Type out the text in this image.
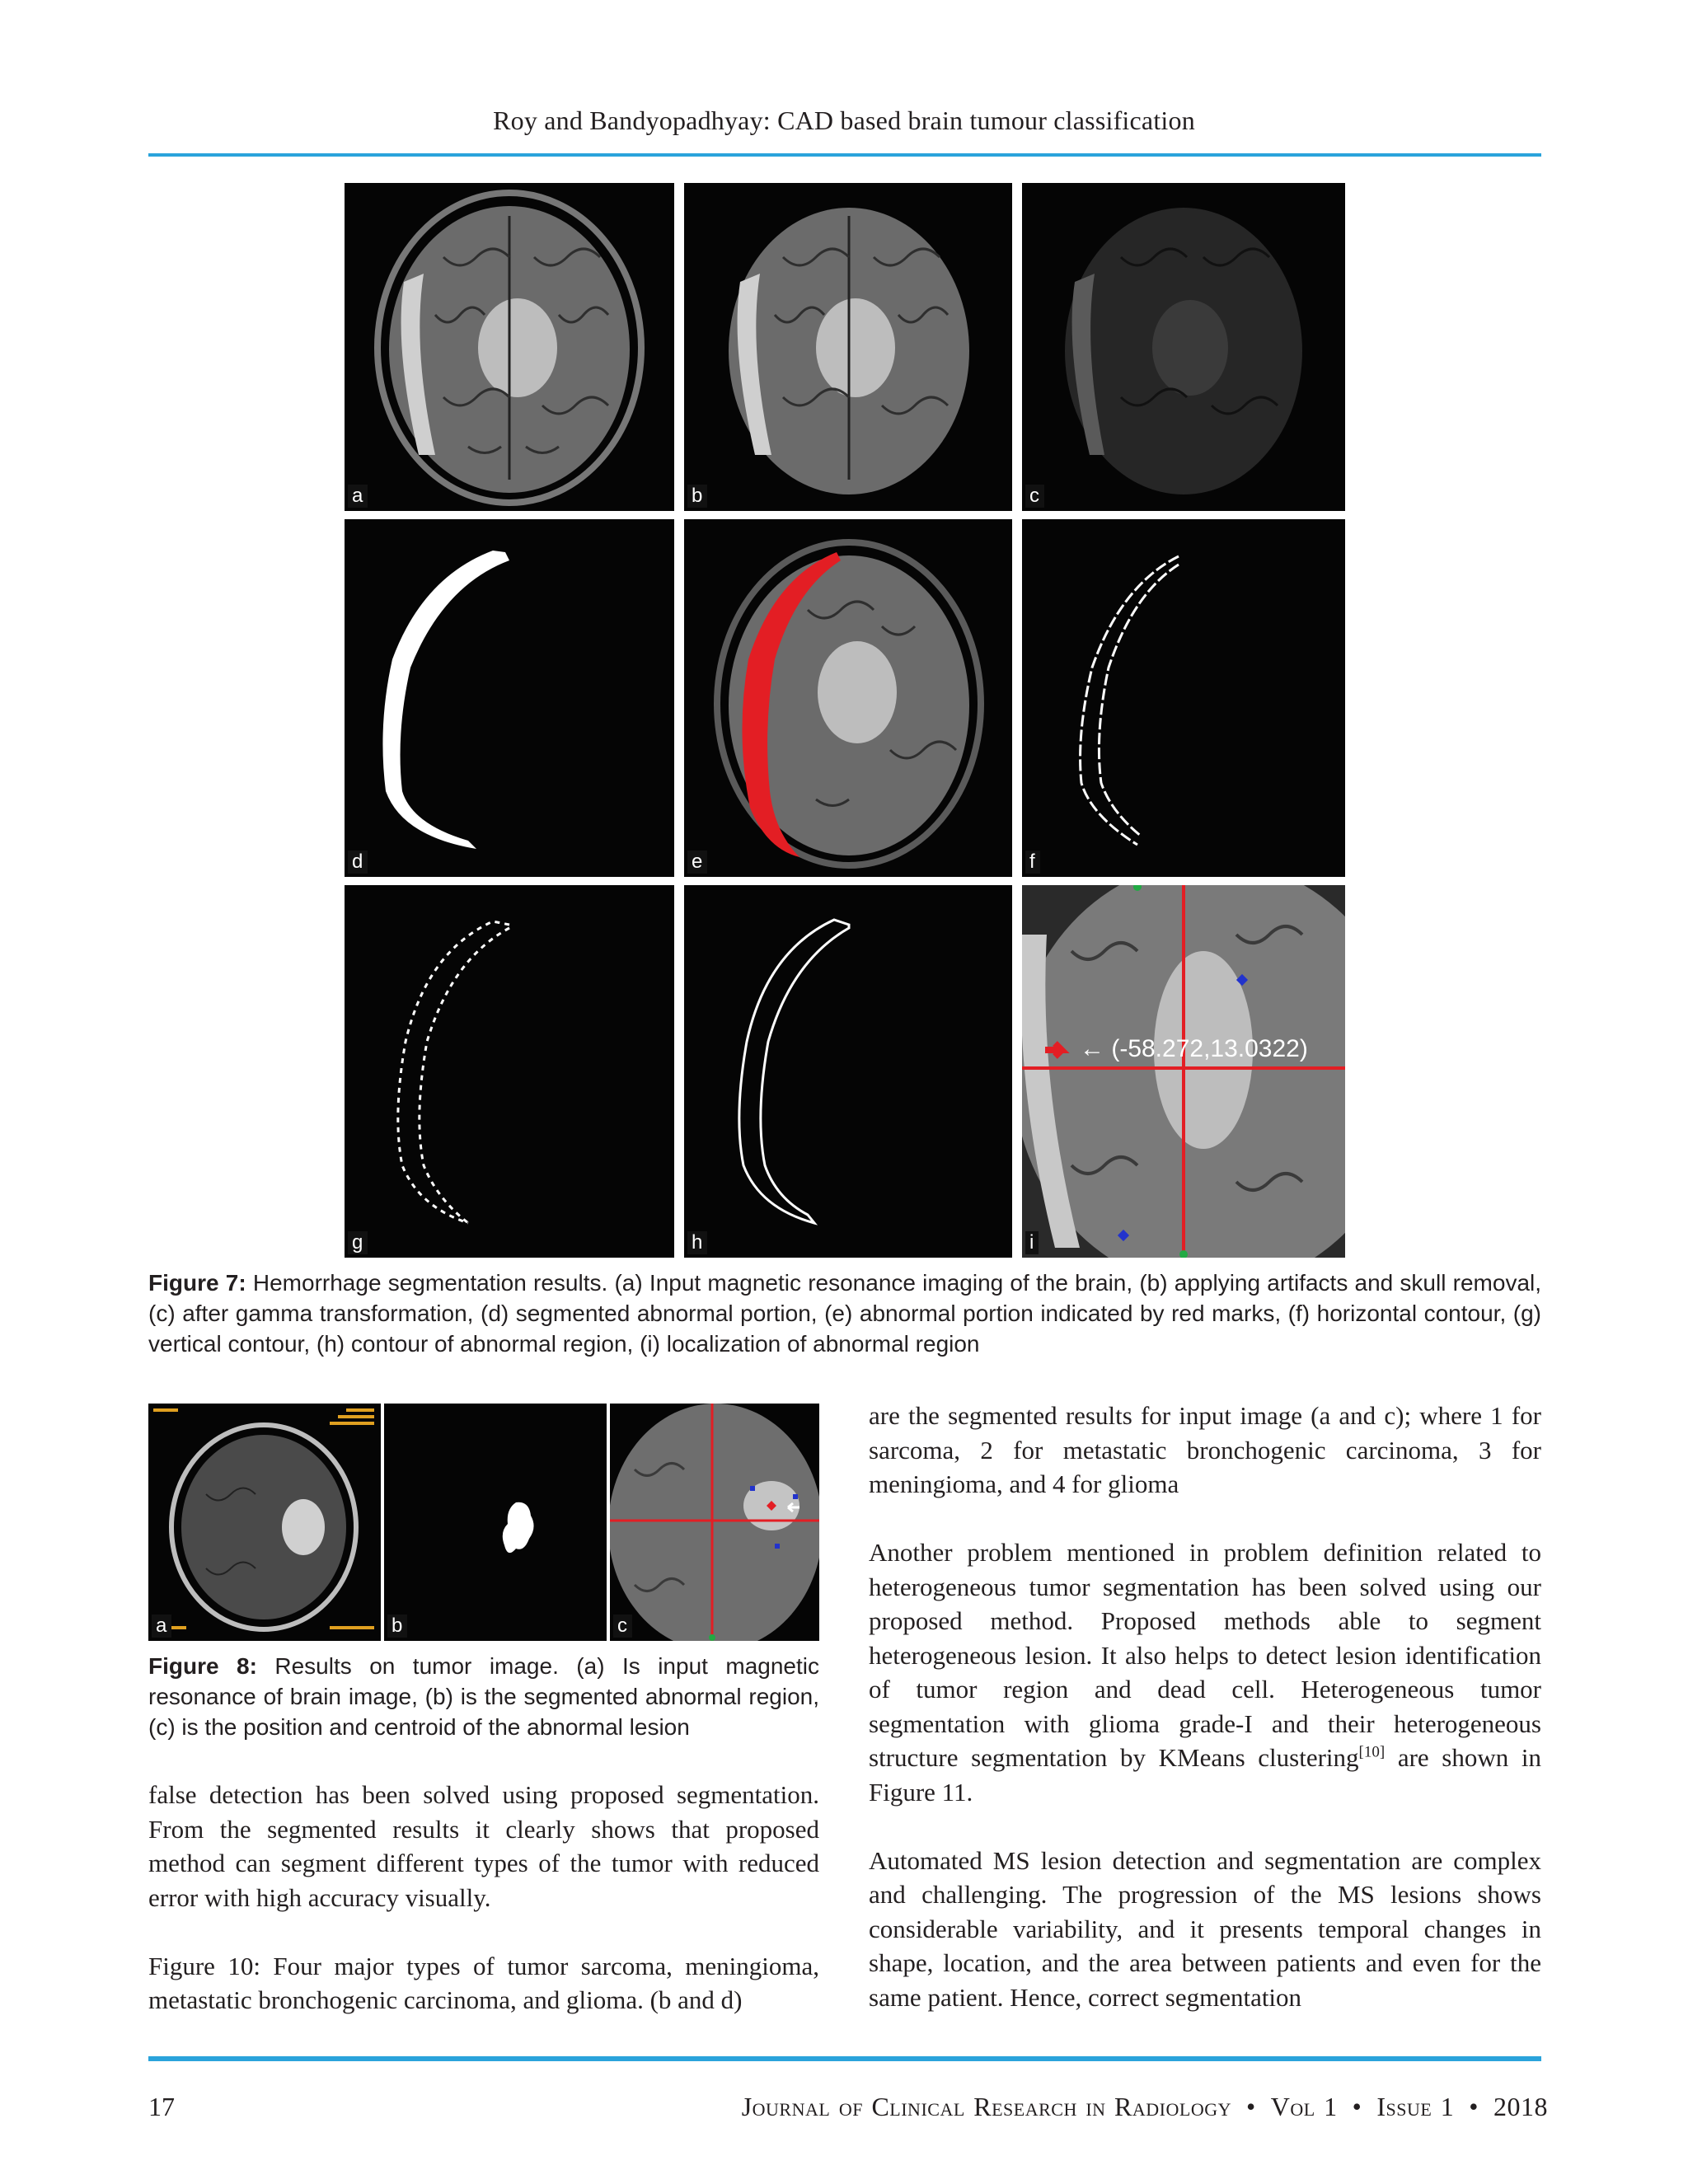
Roy and Bandyopadhyay: CAD based brain tumour classification
a	b	c
d	e	f
g	h
← (-58.272,13.0322)
i
Figure 7: Hemorrhage segmentation results. (a) Input magnetic resonance imaging of the brain, (b) applying artifacts and skull removal, (c) after gamma transformation, (d) segmented abnormal portion, (e) abnormal portion indicated by red marks, (f) horizontal contour, (g) vertical contour, (h) contour of abnormal region, (i) localization of abnormal region
a	b	c
Figure 8: Results on tumor image. (a) Is input magnetic resonance of brain image, (b) is the segmented abnormal region, (c) is the position and centroid of the abnormal lesion

false detection has been solved using proposed segmentation. From the segmented results it clearly shows that proposed method can segment different types of the tumor with reduced error with high accuracy visually.

Figure 10: Four major types of tumor sarcoma, meningioma, metastatic bronchogenic carcinoma, and glioma. (b and d)

are the segmented results for input image (a and c); where 1 for sarcoma, 2 for metastatic bronchogenic carcinoma, 3 for meningioma, and 4 for glioma

Another problem mentioned in problem definition related to heterogeneous tumor segmentation has been solved using our proposed method. Proposed methods able to segment heterogeneous lesion. It also helps to detect lesion identification of tumor region and dead cell. Heterogeneous tumor segmentation with glioma grade-I and their heterogeneous structure segmentation by KMeans clustering[10] are shown in Figure 11.

Automated MS lesion detection and segmentation are complex and challenging. The progression of the MS lesions shows considerable variability, and it presents temporal changes in shape, location, and the area between patients and even for the same patient. Hence, correct segmentation

17	Journal of Clinical Research in Radiology • Vol 1 • Issue 1 • 2018
